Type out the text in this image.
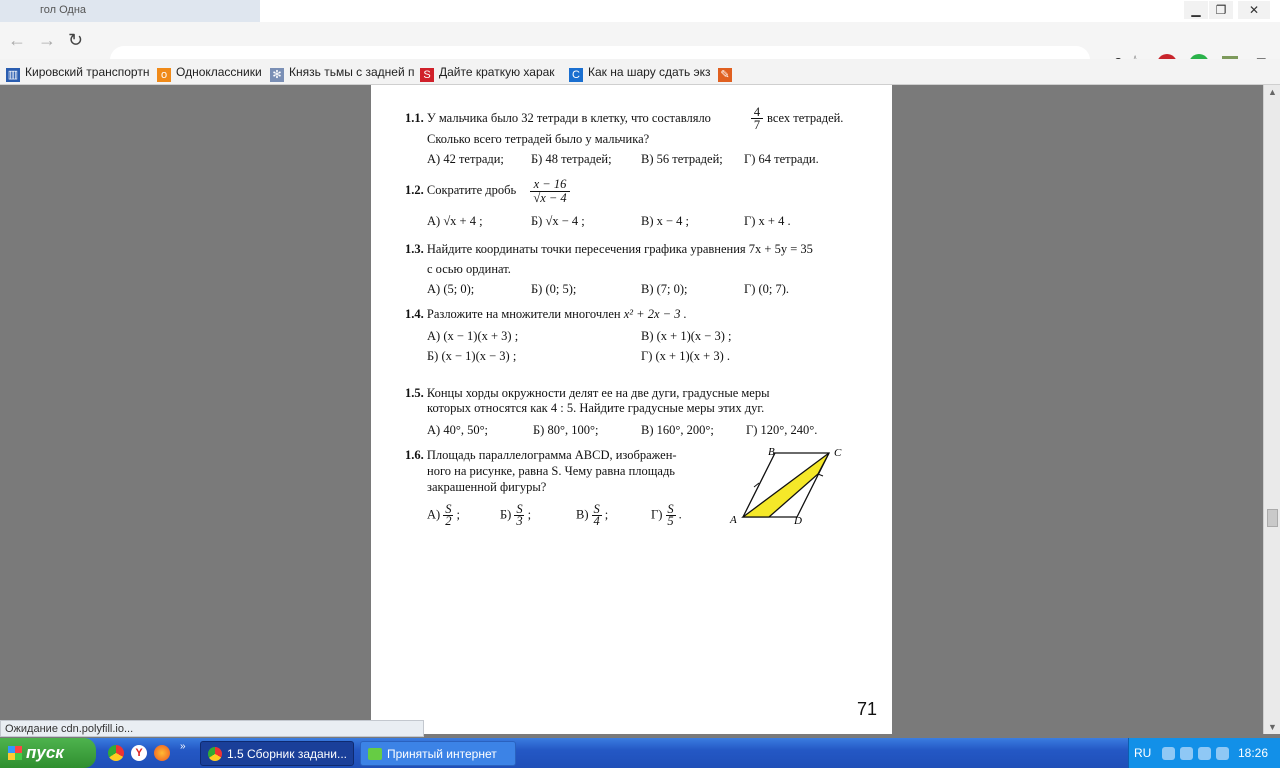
гол Одна	▁	❐	✕
← → ↻
▥ Кировский транспортн	о Одноклассники ✻ Князь тьмы с задней п S Дайте краткую харак C Как на шару сдать экз ✎
1.1. У мальчика было 32 тетради в клетку, что составляло	4
7 всех тетрадей.
Сколько всего тетрадей было у мальчика?
А) 42 тетради; Б) 48 тетрадей; В) 56 тетрадей; Г) 64 тетради.
1.2. Сократите дробь x − 16
√x − 4
А) √x + 4 ;	Б) √x − 4 ;	В) x − 4 ;	Г) x + 4 .
1.3. Найдите координаты точки пересечения графика уравнения 7x + 5y = 35
с осью ординат.
А) (5; 0);	Б) (0; 5);	В) (7; 0);	Г) (0; 7).
1.4. Разложите на множители многочлен x² + 2x − 3 .
А) (x − 1)(x + 3) ;	В) (x + 1)(x − 3) ;
Б) (x − 1)(x − 3) ;	Г) (x + 1)(x + 3) .
1.5. Концы хорды окружности делят ее на две дуги, градусные меры
которых относятся как 4 : 5. Найдите градусные меры этих дуг.
А) 40°, 50°;	Б) 80°, 100°;	В) 160°, 200°;	Г) 120°, 240°.
1.6. Площадь параллелограмма ABCD, изображен-
ного на рисунке, равна S. Чему равна площадь
закрашенной фигуры?
$А) \frac{S}{2}$ ;	$Б) \frac{S}{3}$ ;	$В) \frac{S}{4}$ ;	$Г) \frac{S}{5}$ .	A
B	C
D
71
▲
▼
Ожидание cdn.polyfill.io...
пуск	Y
»
1.5 Сборник задани...	Принятый интернет	RU	18:26
